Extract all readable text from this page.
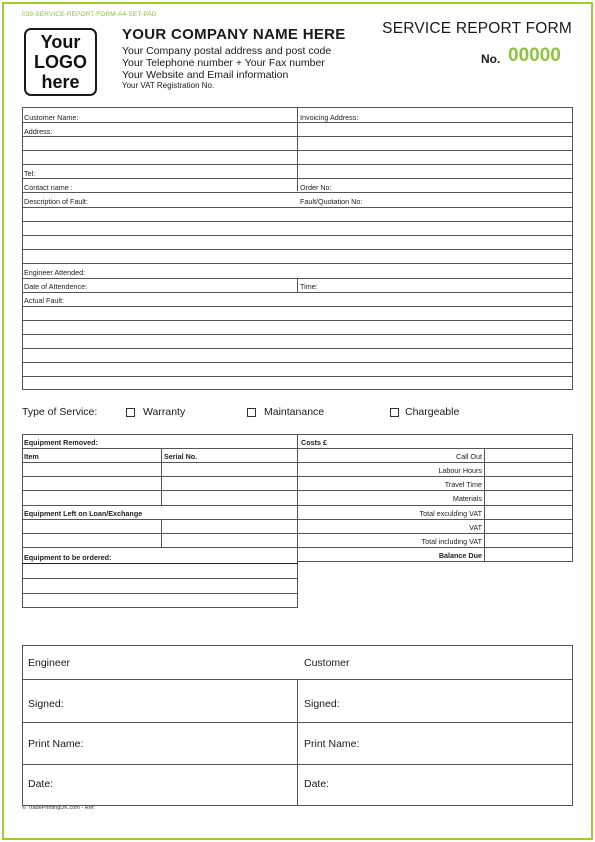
039-SERVICE-REPORT-FORM-A4-SET-PAD
Your
LOGO
here
YOUR COMPANY NAME HERE
Your Company postal address and post code
Your Telephone number + Your Fax number
Your Website and Email information
Your VAT Registration No.
SERVICE REPORT FORM
No. 00000
Customer Name:	Invoicing Address:
Address:
Tel:
Contact name :	Order No:
Description of Fault:	Fault/Quotation No:
Engineer Attended:
Date of Attendence:	Time:
Actual Fault:
Type of Service:	Warranty	Maintanance	Chargeable
Equipment Removed:
Item	Serial No.
Equipment Left on Loan/Exchange
Equipment to be ordered:
Costs £
Call Out
Labour Hours
Travel Time
Materials
Total exculding VAT
VAT
Total including VAT
Balance Due
Engineer	Customer
Signed:	Signed:
Print Name:	Print Name:
Date:	Date:
© TradePrintingUK.com - Ref:
